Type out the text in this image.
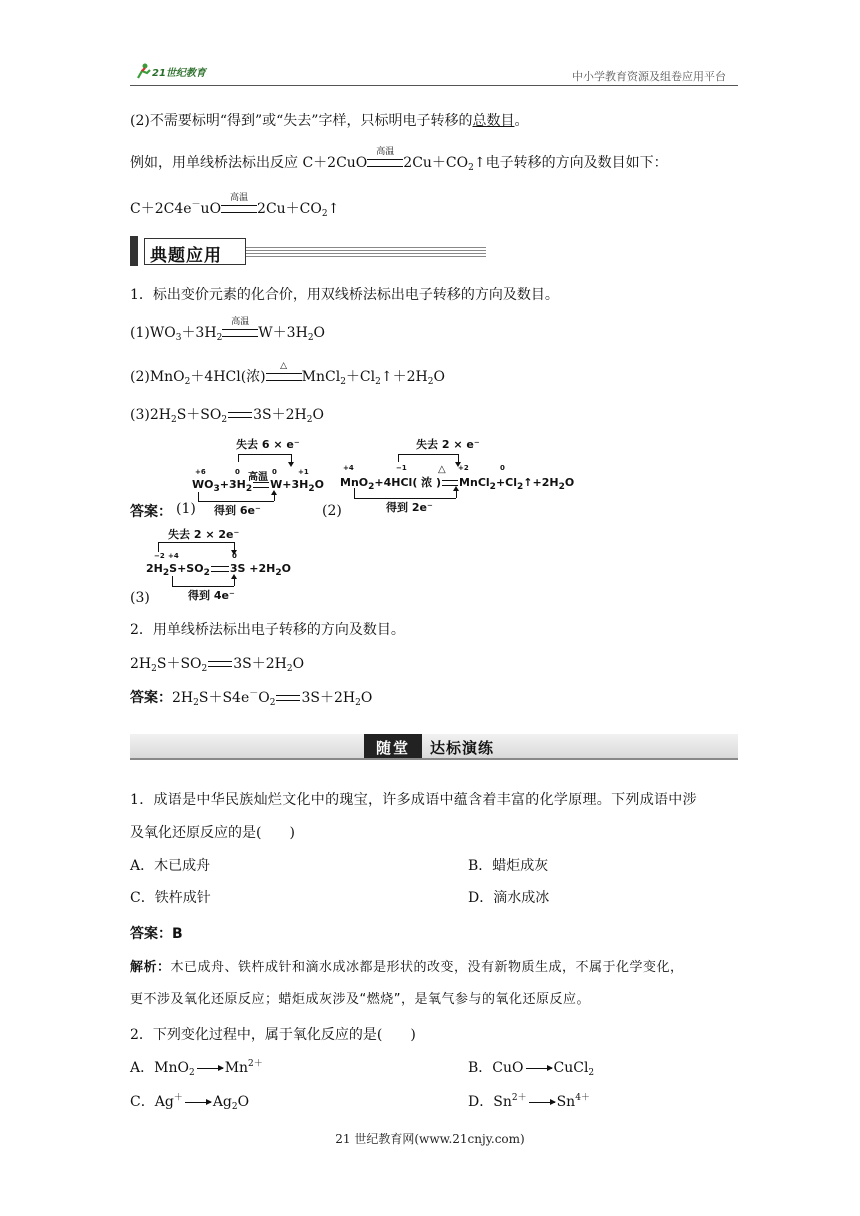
21世纪教育	中小学教育资源及组卷应用平台
(2)不需要标明“得到”或“失去”字样，只标明电子转移的总数目。
例如，用单线桥法标出反应 C＋2CuO
高温
$2Cu+CO_2↑$电子转移的方向及数目如下：
C＋2C4e－uO
高温
$2Cu+CO_2↑$
典题应用
1．标出变价元素的化合价，用双线桥法标出电子转移的方向及数目。
$(1)WO_3+3H_2$
高温
$W+3H_2O$
(2)MnO$_2$＋4HCl(浓)
△
$MnCl_2+Cl_2↑+2H_2O$
$(3)2H_2S+SO_2$ $3S+2H_2O$
答案： (1)
失去 6 × e⁻
+6	0 高温 0	+1
$WO_3+3H_2$ $W+3H_2O$
得到 6e⁻	(2)
失去 2 × e⁻
+4	−1	△ +2	0
MnO$_2$+4HCl( 浓 ) $MnCl_2+Cl_2↑+2H_2O$
得到 2e⁻
失去 2 × 2e⁻
−2 +4	0
$2H_2S+SO_2$ $3S +2H_2O$
得到 4e⁻
(3)
2．用单线桥法标出电子转移的方向及数目。
$2H_2S+SO_2$ $3S+2H_2O$
答案：$2H_2S+S4e^-O_2$ $3S+2H_2O$
随堂 达标演练
1．成语是中华民族灿烂文化中的瑰宝，许多成语中蕴含着丰富的化学原理。下列成语中涉
及氧化还原反应的是(　　)
A．木已成舟	B．蜡炬成灰
C．铁杵成针	D．滴水成冰
答案：B
解析：木已成舟、铁杵成针和滴水成冰都是形状的改变，没有新物质生成，不属于化学变化，
更不涉及氧化还原反应；蜡炬成灰涉及“燃烧”，是氧气参与的氧化还原反应。
2．下列变化过程中，属于氧化反应的是(　　)
A．MnO$_2$ $Mn^{2+}$	B．CuO CuCl$_2$
C．Ag＋ $Ag_2O$	D．$Sn^{2+}$ $Sn^{4+}$
21 世纪教育网(www.21cnjy.com)
